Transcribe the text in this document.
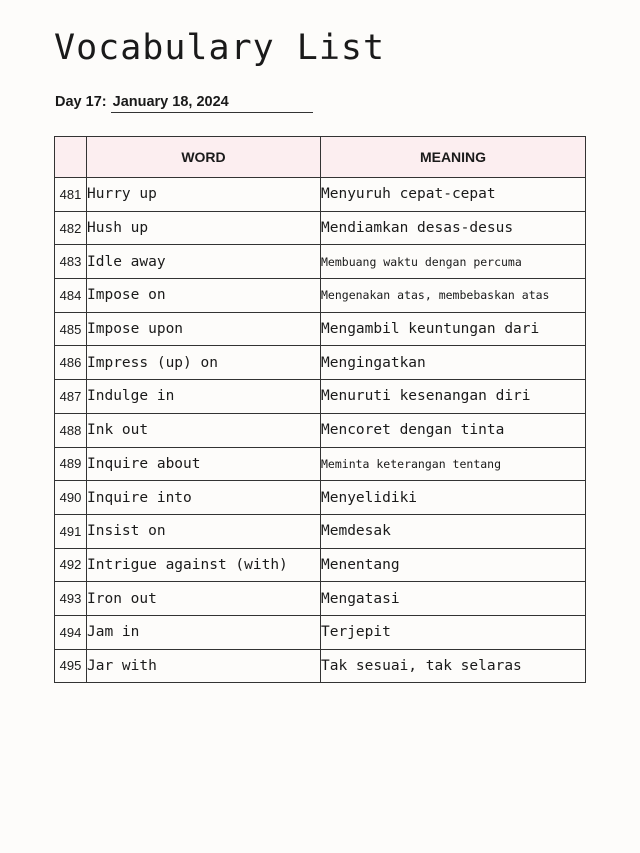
Vocabulary List
Day 17: January 18, 2024
	WORD	MEANING
481	Hurry up	Menyuruh cepat-cepat
482	Hush up	Mendiamkan desas-desus
483	Idle away	Membuang waktu dengan percuma
484	Impose on	Mengenakan atas, membebaskan atas
485	Impose upon	Mengambil keuntungan dari
486	Impress (up) on	Mengingatkan
487	Indulge in	Menuruti kesenangan diri
488	Ink out	Mencoret dengan tinta
489	Inquire about	Meminta keterangan tentang
490	Inquire into	Menyelidiki
491	Insist on	Memdesak
492	Intrigue against (with)	Menentang
493	Iron out	Mengatasi
494	Jam in	Terjepit
495	Jar with	Tak sesuai, tak selaras
